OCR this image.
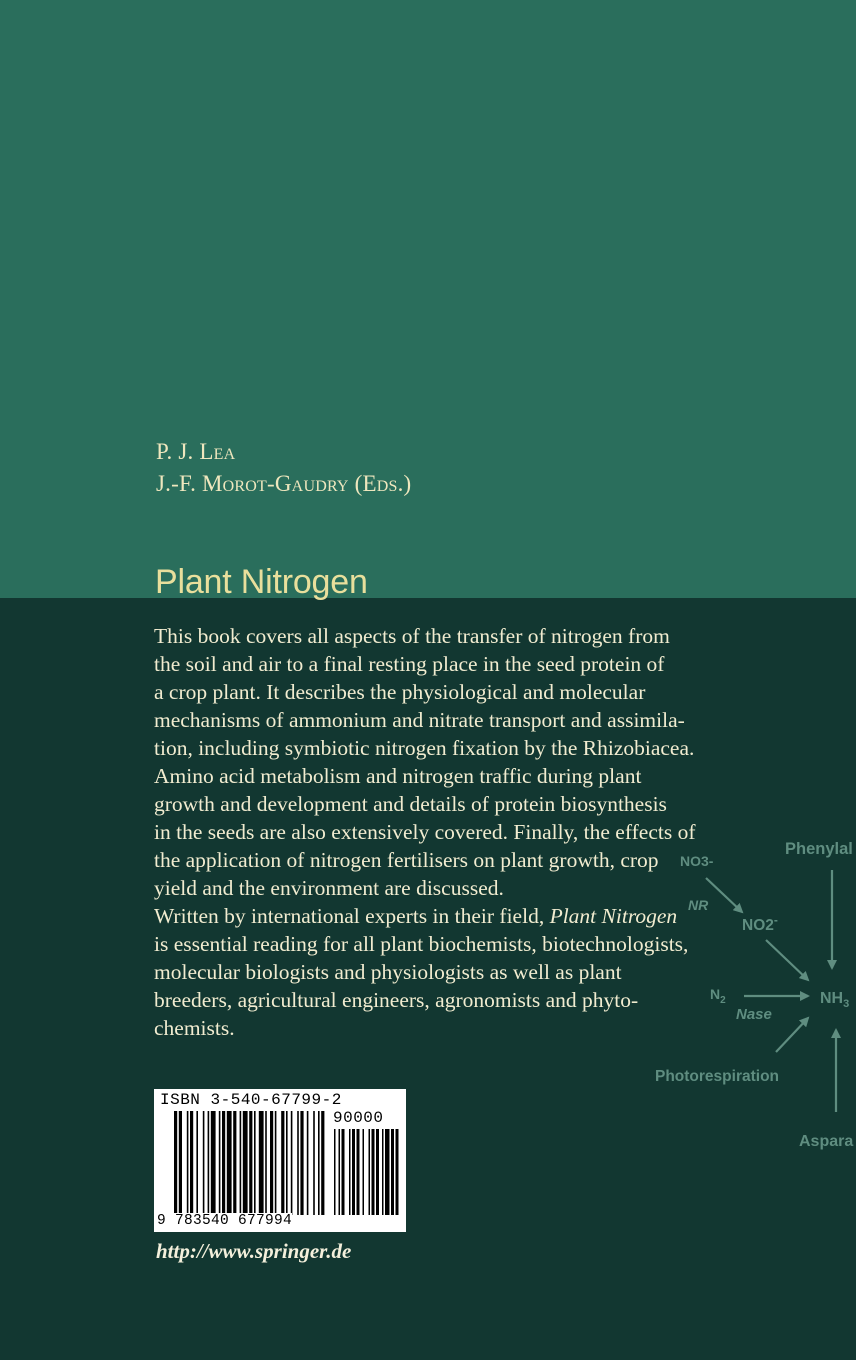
Phenylal
NO3-
NR
NO2-
$N_2$
Nase
$NH_3$
Photorespiration
Aspara
P. J. Lea
J.-F. Morot-Gaudry (Eds.)
Plant Nitrogen
This book covers all aspects of the transfer of nitrogen from
the soil and air to a final resting place in the seed protein of
a crop plant. It describes the physiological and molecular
mechanisms of ammonium and nitrate transport and assimila-
tion, including symbiotic nitrogen fixation by the Rhizobiacea.
Amino acid metabolism and nitrogen traffic during plant
growth and development and details of protein biosynthesis
in the seeds are also extensively covered. Finally, the effects of
the application of nitrogen fertilisers on plant growth, crop
yield and the environment are discussed.
Written by international experts in their field, Plant Nitrogen
is essential reading for all plant biochemists, biotechnologists,
molecular biologists and physiologists as well as plant
breeders, agricultural engineers, agronomists and phyto-
chemists.
ISBN 3-540-67799-2
90000
9 783540 677994
http://www.springer.de
